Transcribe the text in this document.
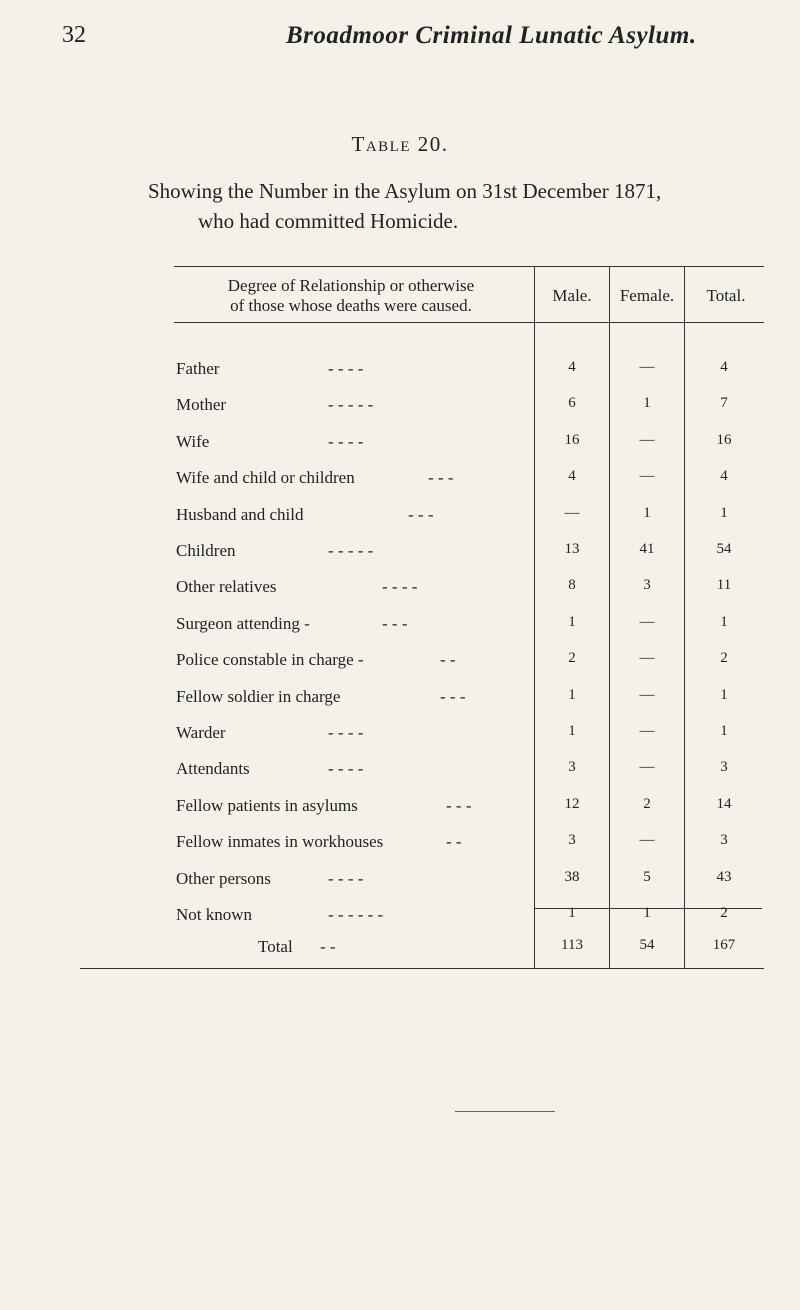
32	Broadmoor Criminal Lunatic Asylum.
Table 20.
Showing the Number in the Asylum on 31st December 1871,
who had committed Homicide.
Degree of Relationship or otherwise
of those whose deaths were caused.
Male.	Female.	Total.
Father	- - - -	4	—	4
Mother	- - - - -	6	1	7
Wife	- - - -	16	—	16
Wife and child or children	- - -	4	—	4
Husband and child	- - -	—	1	1
Children	- - - - -	13	41	54
Other relatives	- - - -	8	3	11
Surgeon attending -	- - -	1	—	1
Police constable in charge -	- -	2	—	2
Fellow soldier in charge	- - -	1	—	1
Warder	- - - -	1	—	1
Attendants	- - - -	3	—	3
Fellow patients in asylums	- - -	12	2	14
Fellow inmates in workhouses	- -	3	—	3
Other persons	- - - -	38	5	43
Not known	- - - - - -	1	1	2
Total - -	113	54	167
